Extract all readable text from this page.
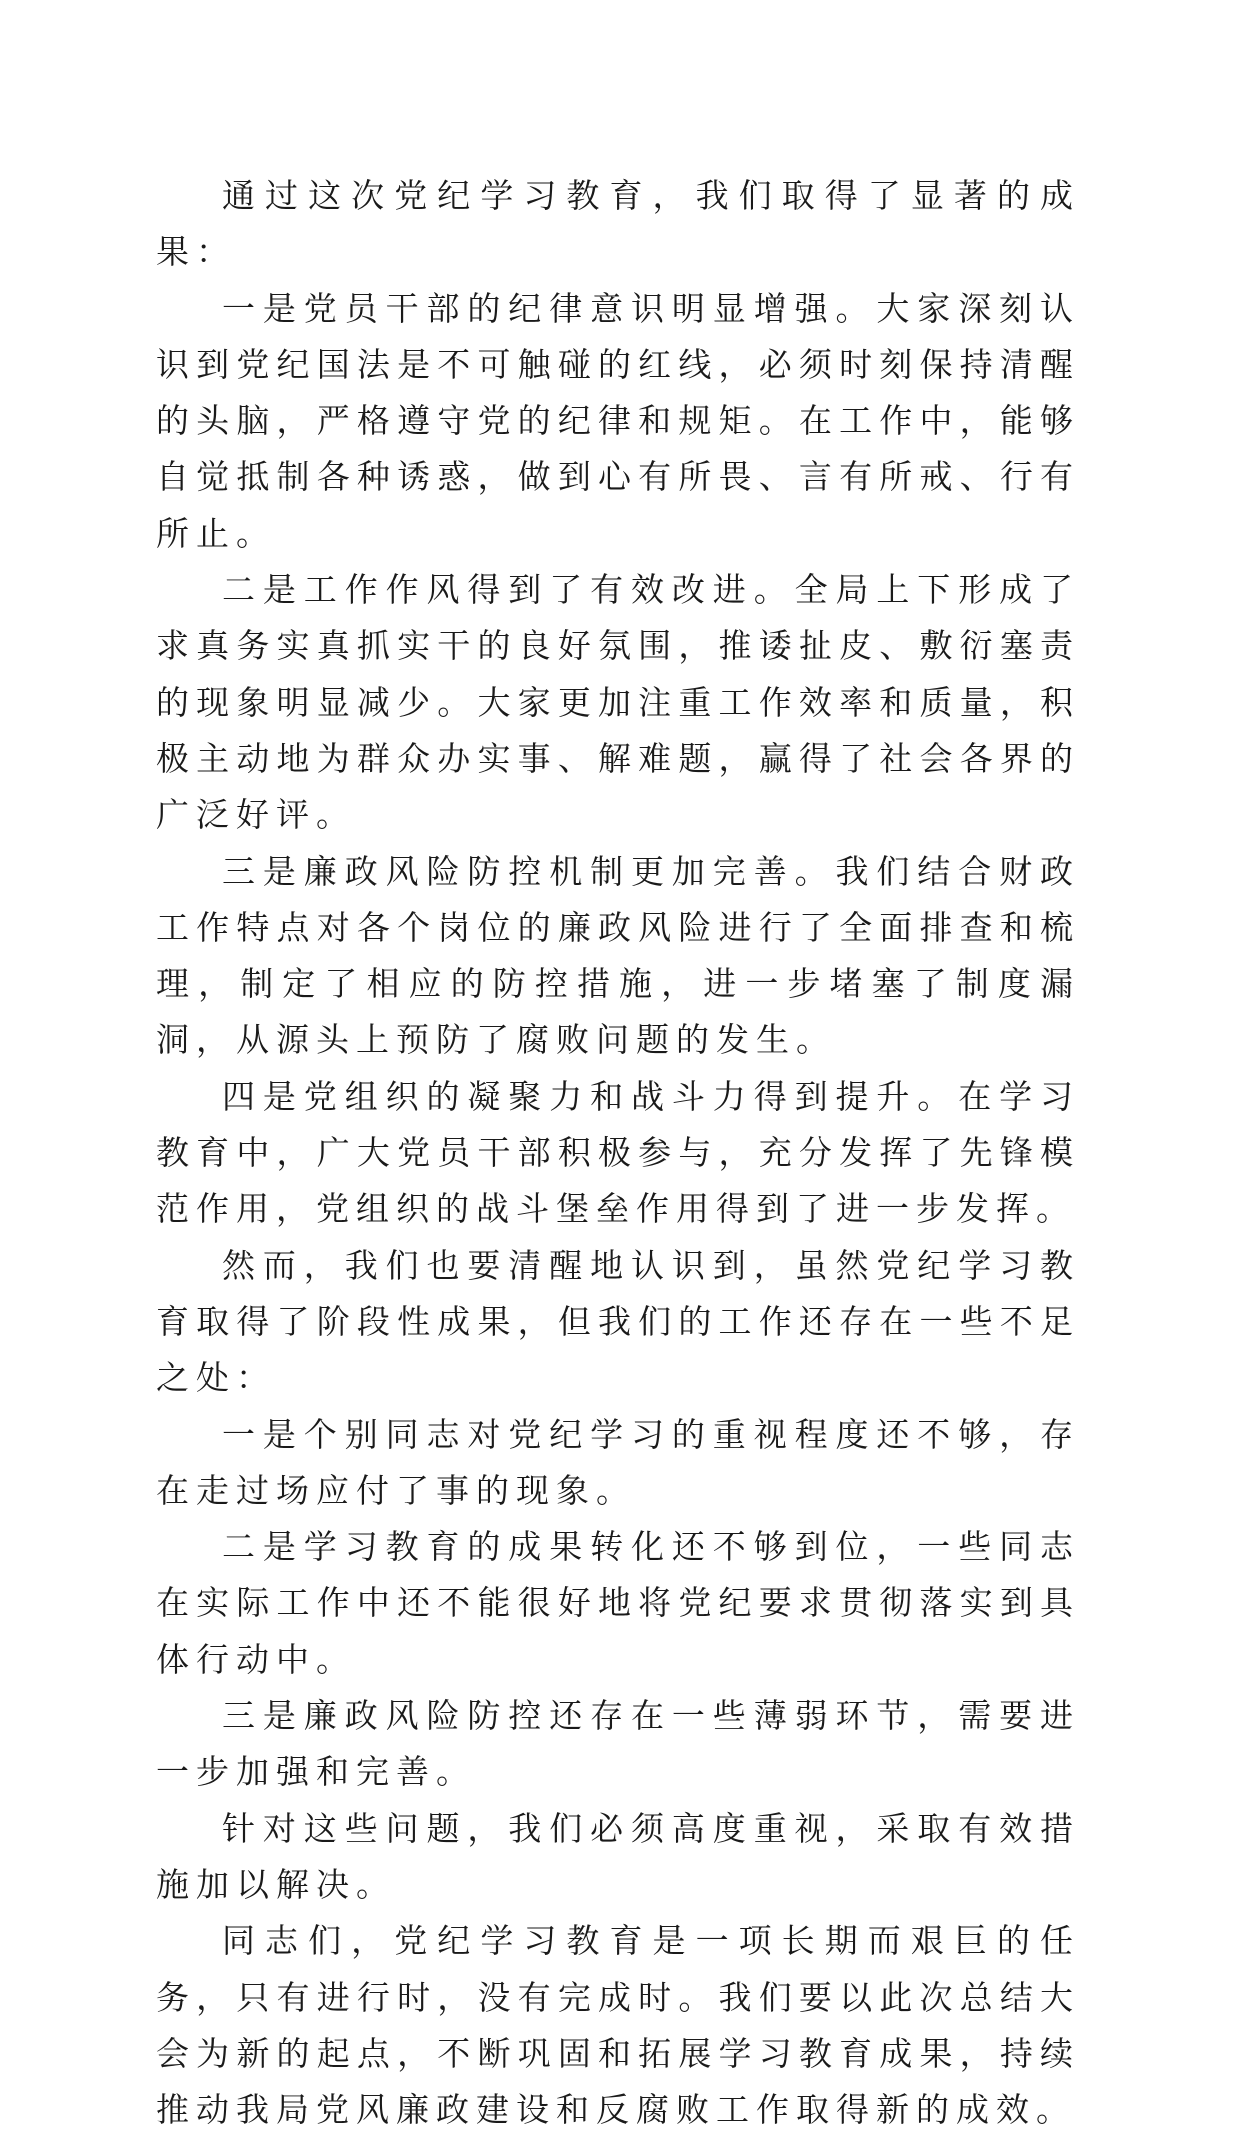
通过这次党纪学习教育，我们取得了显著的成果：

一是党员干部的纪律意识明显增强。大家深刻认识到党纪国法是不可触碰的红线，必须时刻保持清醒的头脑，严格遵守党的纪律和规矩。在工作中，能够自觉抵制各种诱惑，做到心有所畏、言有所戒、行有所止。

二是工作作风得到了有效改进。全局上下形成了求真务实真抓实干的良好氛围，推诿扯皮、敷衍塞责的现象明显减少。大家更加注重工作效率和质量，积极主动地为群众办实事、解难题，赢得了社会各界的广泛好评。

三是廉政风险防控机制更加完善。我们结合财政工作特点对各个岗位的廉政风险进行了全面排查和梳理，制定了相应的防控措施，进一步堵塞了制度漏洞，从源头上预防了腐败问题的发生。

四是党组织的凝聚力和战斗力得到提升。在学习教育中，广大党员干部积极参与，充分发挥了先锋模范作用，党组织的战斗堡垒作用得到了进一步发挥。

然而，我们也要清醒地认识到，虽然党纪学习教育取得了阶段性成果，但我们的工作还存在一些不足之处：

一是个别同志对党纪学习的重视程度还不够，存在走过场应付了事的现象。

二是学习教育的成果转化还不够到位，一些同志在实际工作中还不能很好地将党纪要求贯彻落实到具体行动中。

三是廉政风险防控还存在一些薄弱环节，需要进一步加强和完善。

针对这些问题，我们必须高度重视，采取有效措施加以解决。

同志们，党纪学习教育是一项长期而艰巨的任务，只有进行时，没有完成时。我们要以此次总结大会为新的起点，不断巩固和拓展学习教育成果，持续推动我局党风廉政建设和反腐败工作取得新的成效。
